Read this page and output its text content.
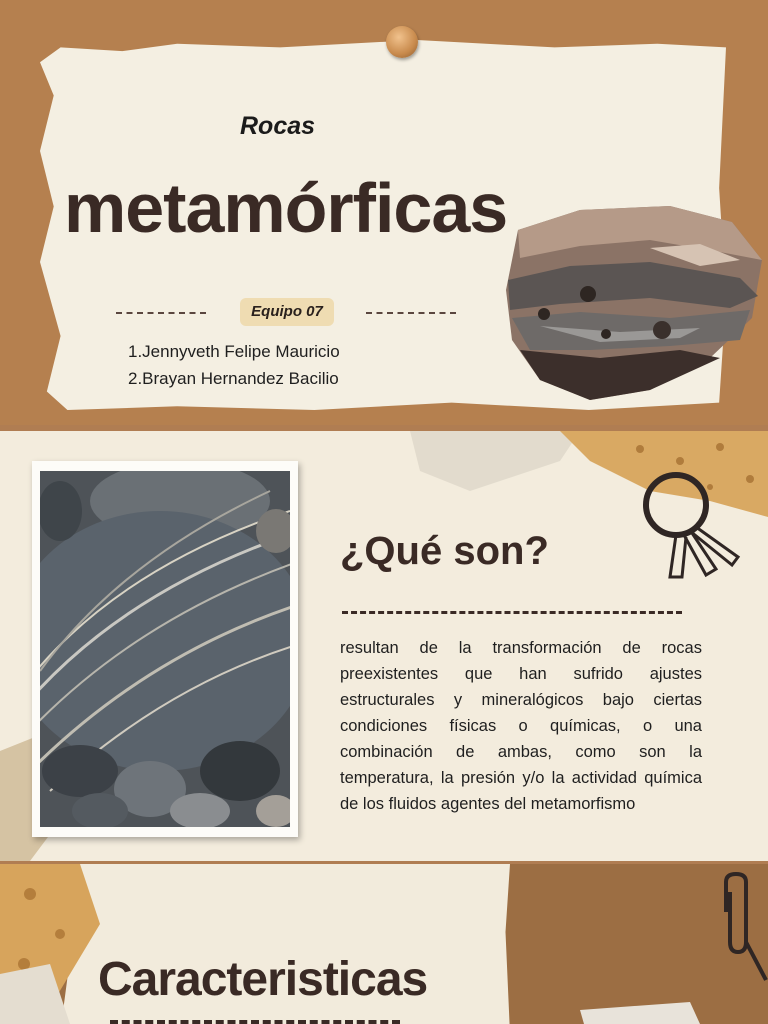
Rocas
metamórficas
Equipo 07
1.Jennyveth Felipe Mauricio
2.Brayan Hernandez Bacilio
¿Qué son?

resultan de la transformación de rocas preexistentes que han sufrido ajustes estructurales y mineralógicos bajo ciertas condiciones físicas o químicas, o una combinación de ambas, como son la temperatura, la presión y/o la actividad química de los fluidos agentes del metamorfismo

Caracteristicas
